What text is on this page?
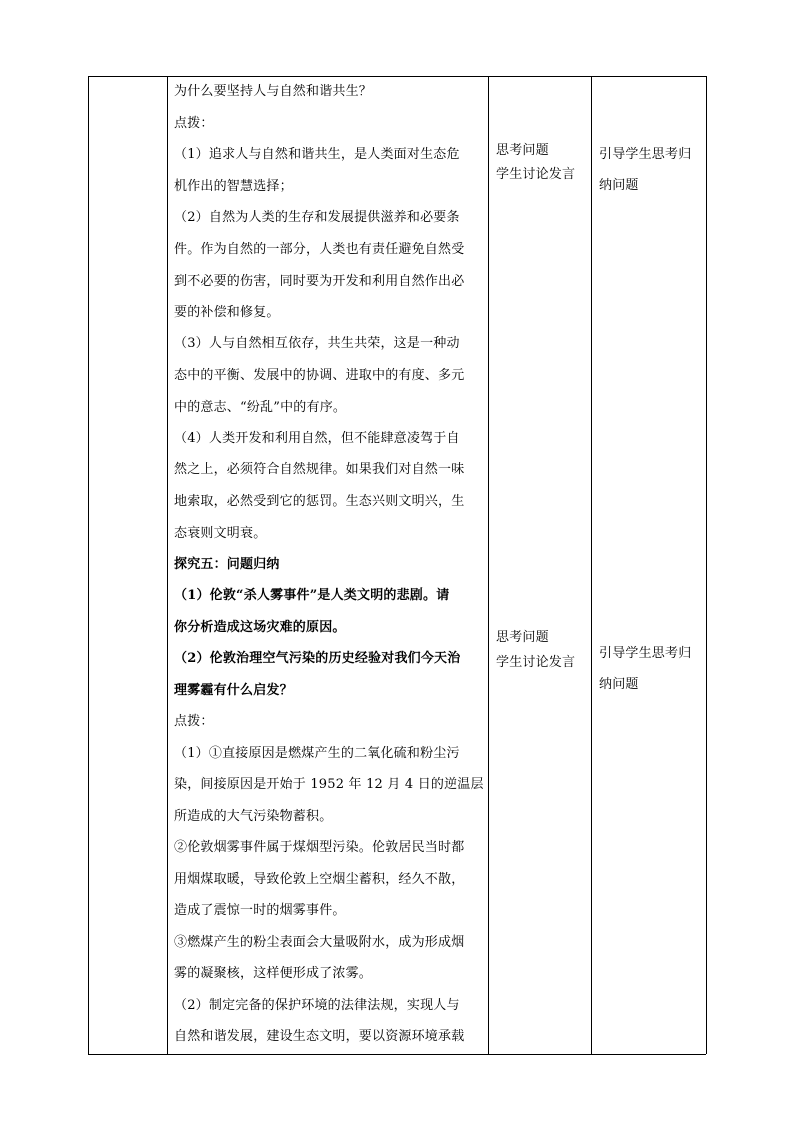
为什么要坚持人与自然和谐共生？
点拨：
（1）追求人与自然和谐共生，是人类面对生态危
机作出的智慧选择；
（2）自然为人类的生存和发展提供滋养和必要条
件。作为自然的一部分，人类也有责任避免自然受
到不必要的伤害，同时要为开发和利用自然作出必
要的补偿和修复。
（3）人与自然相互依存，共生共荣，这是一种动
态中的平衡、发展中的协调、进取中的有度、多元
中的意志、“纷乱”中的有序。
（4）人类开发和利用自然，但不能肆意凌驾于自
然之上，必须符合自然规律。如果我们对自然一味
地索取，必然受到它的惩罚。生态兴则文明兴，生
态衰则文明衰。
探究五：问题归纳
（1）伦敦“杀人雾事件”是人类文明的悲剧。请
你分析造成这场灾难的原因。
（2）伦敦治理空气污染的历史经验对我们今天治
理雾霾有什么启发？
点拨：
（1）①直接原因是燃煤产生的二氧化硫和粉尘污
染，间接原因是开始于 1952 年 12 月 4 日的逆温层
所造成的大气污染物蓄积。
②伦敦烟雾事件属于煤烟型污染。伦敦居民当时都
用烟煤取暖，导致伦敦上空烟尘蓄积，经久不散，
造成了震惊一时的烟雾事件。
③燃煤产生的粉尘表面会大量吸附水，成为形成烟
雾的凝聚核，这样便形成了浓雾。
（2）制定完备的保护环境的法律法规，实现人与
自然和谐发展，建设生态文明，要以资源环境承载
思考问题
学生讨论发言
思考问题
学生讨论发言
引导学生思考归
纳问题
引导学生思考归
纳问题
